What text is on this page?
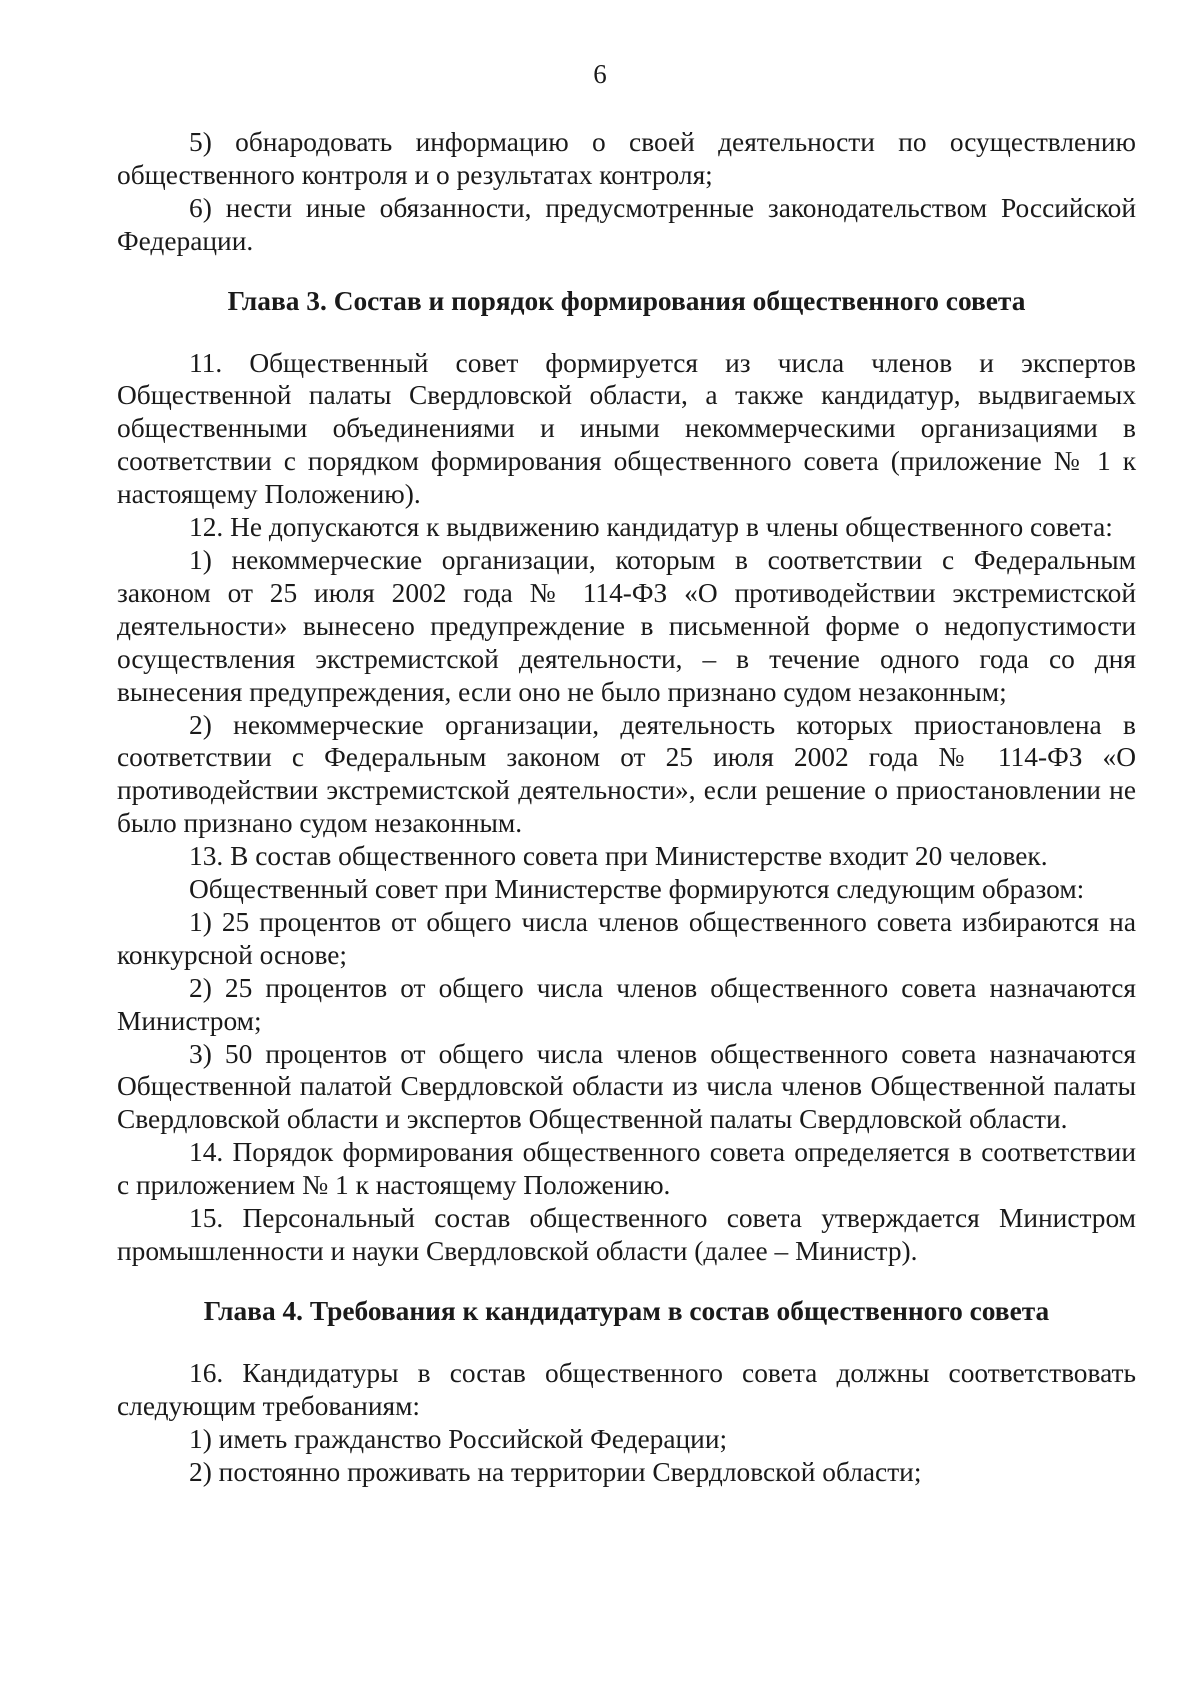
6

5) обнародовать информацию о своей деятельности по осуществлению общественного контроля и о результатах контроля;

6) нести иные обязанности, предусмотренные законодательством Российской Федерации.

Глава 3. Состав и порядок формирования общественного совета

11. Общественный совет формируется из числа членов и экспертов Общественной палаты Свердловской области, а также кандидатур, выдвигаемых общественными объединениями и иными некоммерческими организациями в соответствии с порядком формирования общественного совета (приложение № 1 к настоящему Положению).

12. Не допускаются к выдвижению кандидатур в члены общественного совета:

1) некоммерческие организации, которым в соответствии с Федеральным законом от 25 июля 2002 года № 114-ФЗ «О противодействии экстремистской деятельности» вынесено предупреждение в письменной форме о недопустимости осуществления экстремистской деятельности, – в течение одного года со дня вынесения предупреждения, если оно не было признано судом незаконным;

2) некоммерческие организации, деятельность которых приостановлена в соответствии с Федеральным законом от 25 июля 2002 года № 114-ФЗ «О противодействии экстремистской деятельности», если решение о приостановлении не было признано судом незаконным.

13. В состав общественного совета при Министерстве входит 20 человек.

Общественный совет при Министерстве формируются следующим образом:

1) 25 процентов от общего числа членов общественного совета избираются на конкурсной основе;

2) 25 процентов от общего числа членов общественного совета назначаются Министром;

3) 50 процентов от общего числа членов общественного совета назначаются Общественной палатой Свердловской области из числа членов Общественной палаты Свердловской области и экспертов Общественной палаты Свердловской области.

14. Порядок формирования общественного совета определяется в соответствии с приложением № 1 к настоящему Положению.

15. Персональный состав общественного совета утверждается Министром промышленности и науки Свердловской области (далее – Министр).

Глава 4. Требования к кандидатурам в состав общественного совета

16. Кандидатуры в состав общественного совета должны соответствовать следующим требованиям:

1) иметь гражданство Российской Федерации;

2) постоянно проживать на территории Свердловской области;
